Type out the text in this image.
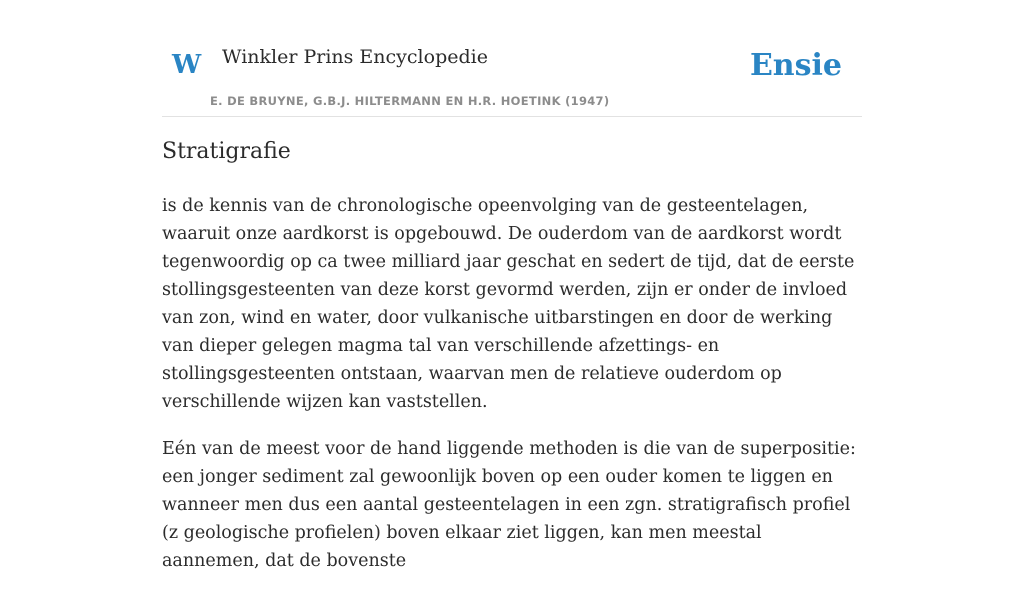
W Winkler Prins Encyclopedie
E. DE BRUYNE, G.B.J. HILTERMANN EN H.R. HOETINK (1947)
Ensie
Stratigrafie

is de kennis van de chronologische opeenvolging van de gesteentelagen, waaruit onze aardkorst is opgebouwd. De ouderdom van de aardkorst wordt tegenwoordig op ca twee milliard jaar geschat en sedert de tijd, dat de eerste stollingsgesteenten van deze korst gevormd werden, zijn er onder de invloed van zon, wind en water, door vulkanische uitbarstingen en door de werking van dieper gelegen magma tal van verschillende afzettings- en stollingsgesteenten ontstaan, waarvan men de relatieve ouderdom op verschillende wijzen kan vaststellen.

Eén van de meest voor de hand liggende methoden is die van de superpositie: een jonger sediment zal gewoonlijk boven op een ouder komen te liggen en wanneer men dus een aantal gesteentelagen in een zgn. stratigrafisch profiel (z geologische profielen) boven elkaar ziet liggen, kan men meestal aannemen, dat de bovenste
